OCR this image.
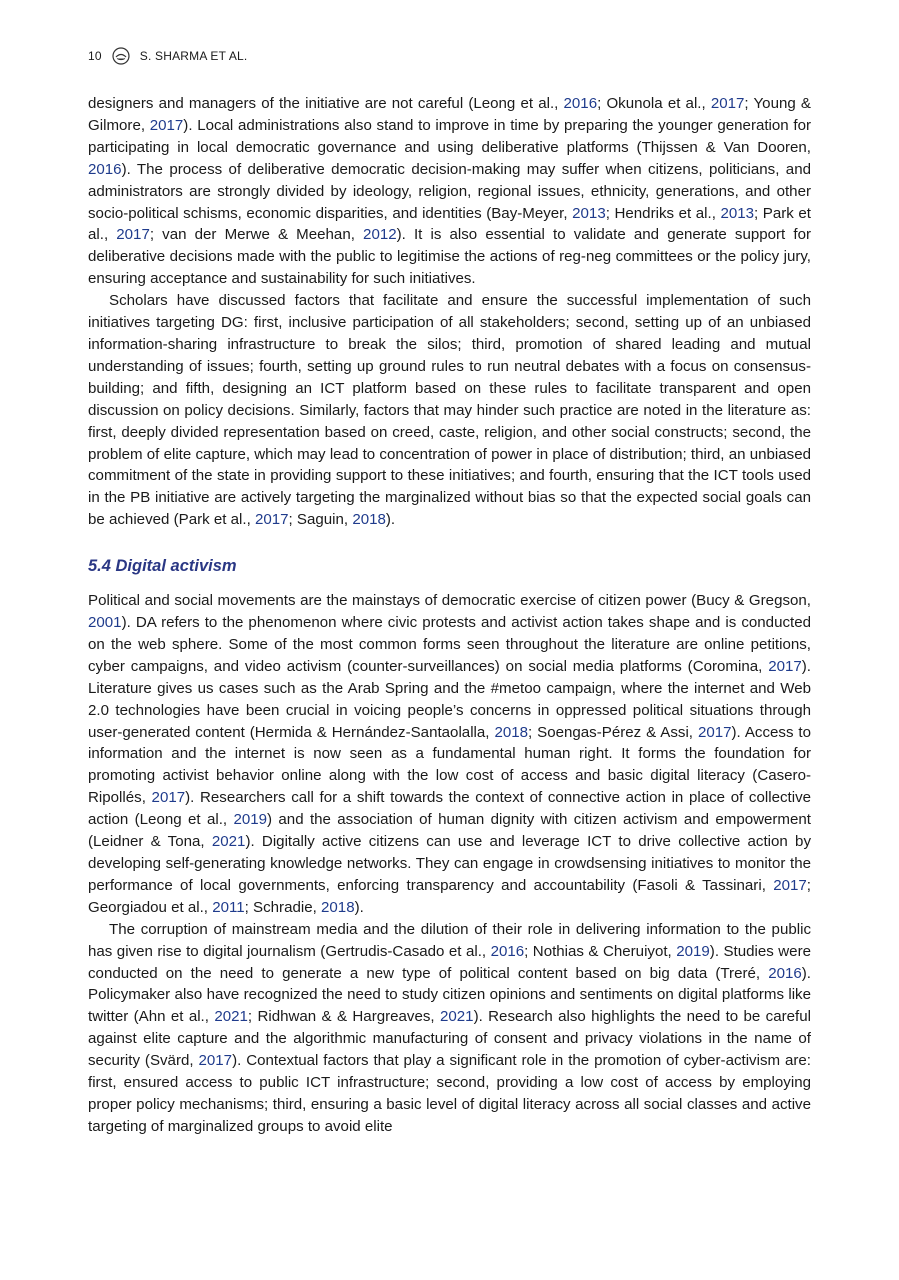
10	S. SHARMA ET AL.

designers and managers of the initiative are not careful (Leong et al., 2016; Okunola et al., 2017; Young & Gilmore, 2017). Local administrations also stand to improve in time by preparing the younger generation for participating in local democratic governance and using deliberative platforms (Thijssen & Van Dooren, 2016). The process of deliberative democratic decision-making may suffer when citizens, politicians, and administrators are strongly divided by ideology, religion, regional issues, ethnicity, generations, and other socio-political schisms, economic disparities, and identities (Bay-Meyer, 2013; Hendriks et al., 2013; Park et al., 2017; van der Merwe & Meehan, 2012). It is also essential to validate and generate support for deliberative decisions made with the public to legitimise the actions of reg-neg committees or the policy jury, ensuring acceptance and sustainability for such initiatives.

Scholars have discussed factors that facilitate and ensure the successful implementation of such initiatives targeting DG: first, inclusive participation of all stakeholders; second, setting up of an unbiased information-sharing infrastructure to break the silos; third, promotion of shared leading and mutual understanding of issues; fourth, setting up ground rules to run neutral debates with a focus on consensus-building; and fifth, designing an ICT platform based on these rules to facilitate transparent and open discussion on policy decisions. Similarly, factors that may hinder such practice are noted in the literature as: first, deeply divided representation based on creed, caste, religion, and other social constructs; second, the problem of elite capture, which may lead to concentration of power in place of distribution; third, an unbiased commitment of the state in providing support to these initiatives; and fourth, ensuring that the ICT tools used in the PB initiative are actively targeting the marginalized without bias so that the expected social goals can be achieved (Park et al., 2017; Saguin, 2018).

5.4 Digital activism

Political and social movements are the mainstays of democratic exercise of citizen power (Bucy & Gregson, 2001). DA refers to the phenomenon where civic protests and activist action takes shape and is conducted on the web sphere. Some of the most common forms seen throughout the literature are online petitions, cyber campaigns, and video activism (counter-surveillances) on social media platforms (Coromina, 2017). Literature gives us cases such as the Arab Spring and the #metoo campaign, where the internet and Web 2.0 technologies have been crucial in voicing people’s concerns in oppressed political situations through user-generated content (Hermida & Hernández-Santaolalla, 2018; Soengas-Pérez & Assi, 2017). Access to information and the internet is now seen as a fundamental human right. It forms the foundation for promoting activist behavior online along with the low cost of access and basic digital literacy (Casero-Ripollés, 2017). Researchers call for a shift towards the context of connective action in place of collective action (Leong et al., 2019) and the association of human dignity with citizen activism and empowerment (Leidner & Tona, 2021). Digitally active citizens can use and leverage ICT to drive collective action by developing self-generating knowledge networks. They can engage in crowdsensing initiatives to monitor the performance of local governments, enforcing transparency and accountability (Fasoli & Tassinari, 2017; Georgiadou et al., 2011; Schradie, 2018).

The corruption of mainstream media and the dilution of their role in delivering information to the public has given rise to digital journalism (Gertrudis-Casado et al., 2016; Nothias & Cheruiyot, 2019). Studies were conducted on the need to generate a new type of political content based on big data (Treré, 2016). Policymaker also have recognized the need to study citizen opinions and sentiments on digital platforms like twitter (Ahn et al., 2021; Ridhwan & & Hargreaves, 2021). Research also highlights the need to be careful against elite capture and the algorithmic manufacturing of consent and privacy violations in the name of security (Svärd, 2017). Contextual factors that play a significant role in the promotion of cyber-activism are: first, ensured access to public ICT infrastructure; second, providing a low cost of access by employing proper policy mechanisms; third, ensuring a basic level of digital literacy across all social classes and active targeting of marginalized groups to avoid elite
